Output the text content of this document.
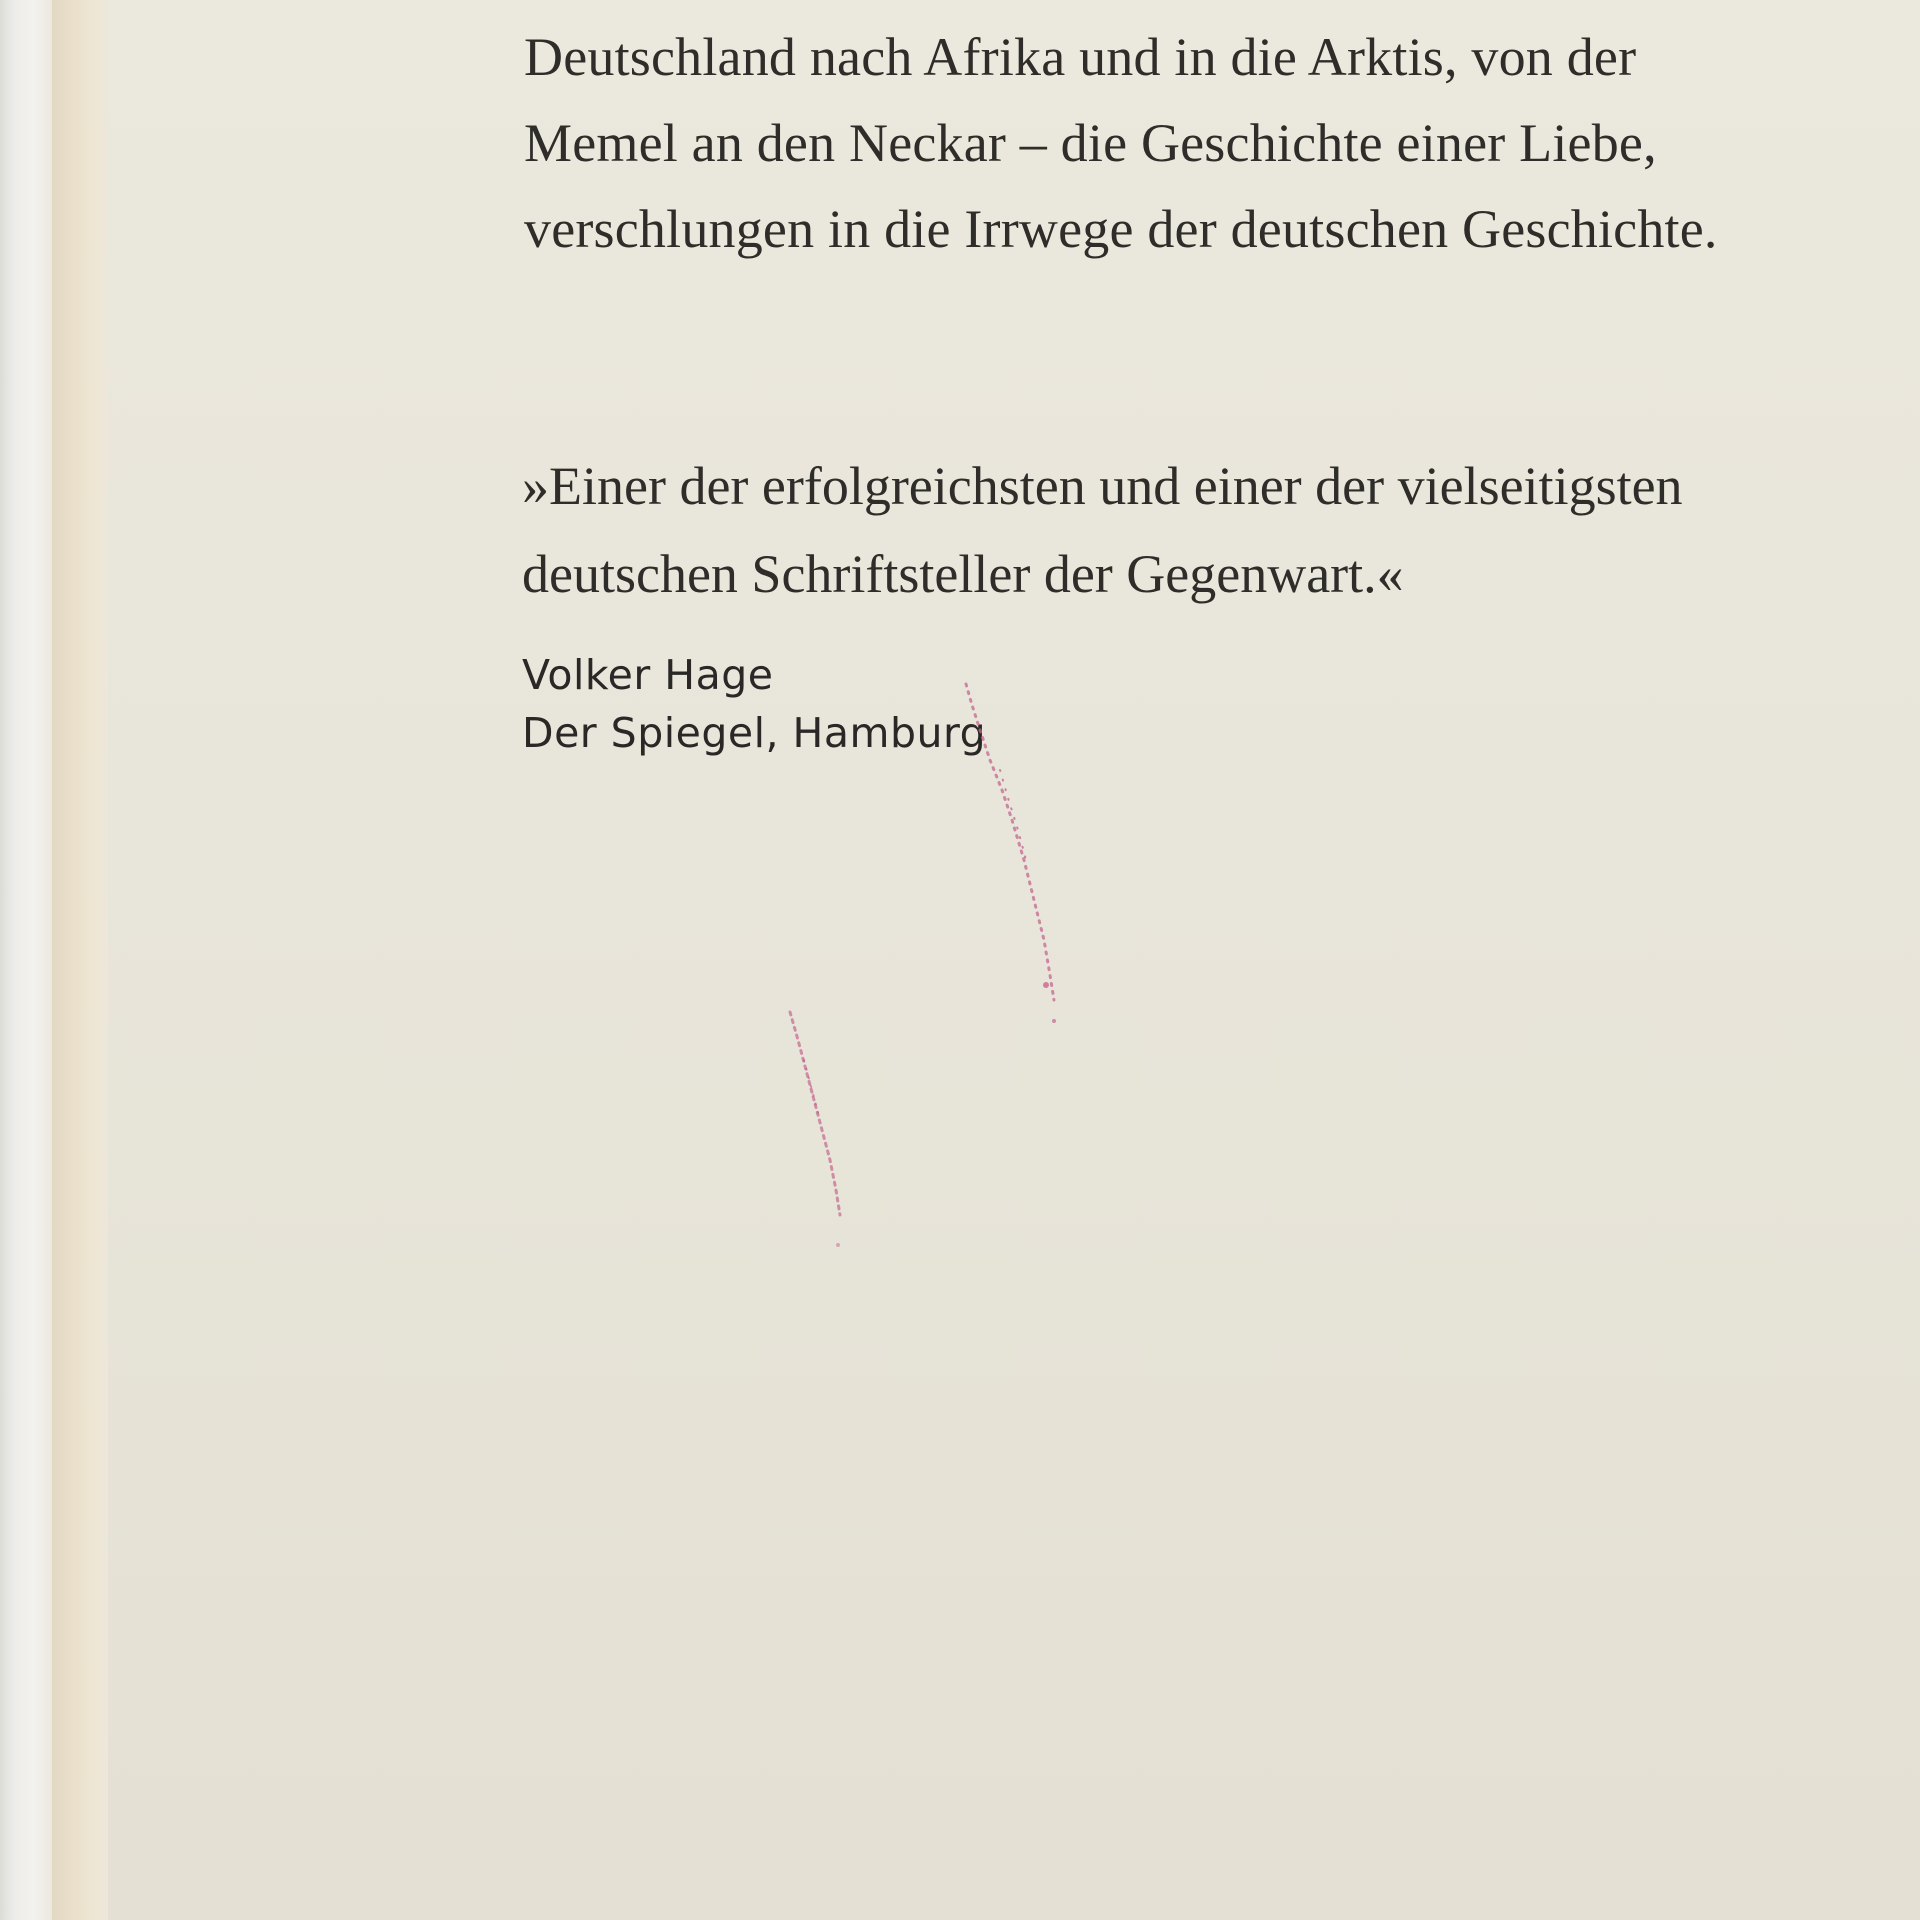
Deutschland nach Afrika und in die Arktis, von der
Memel an den Neckar – die Geschichte einer Liebe,
verschlungen in die Irrwege der deutschen Geschichte.

»Einer der erfolgreichsten und einer der vielseitigsten
deutschen Schriftsteller der Gegenwart.«

Volker Hage
Der Spiegel, Hamburg
